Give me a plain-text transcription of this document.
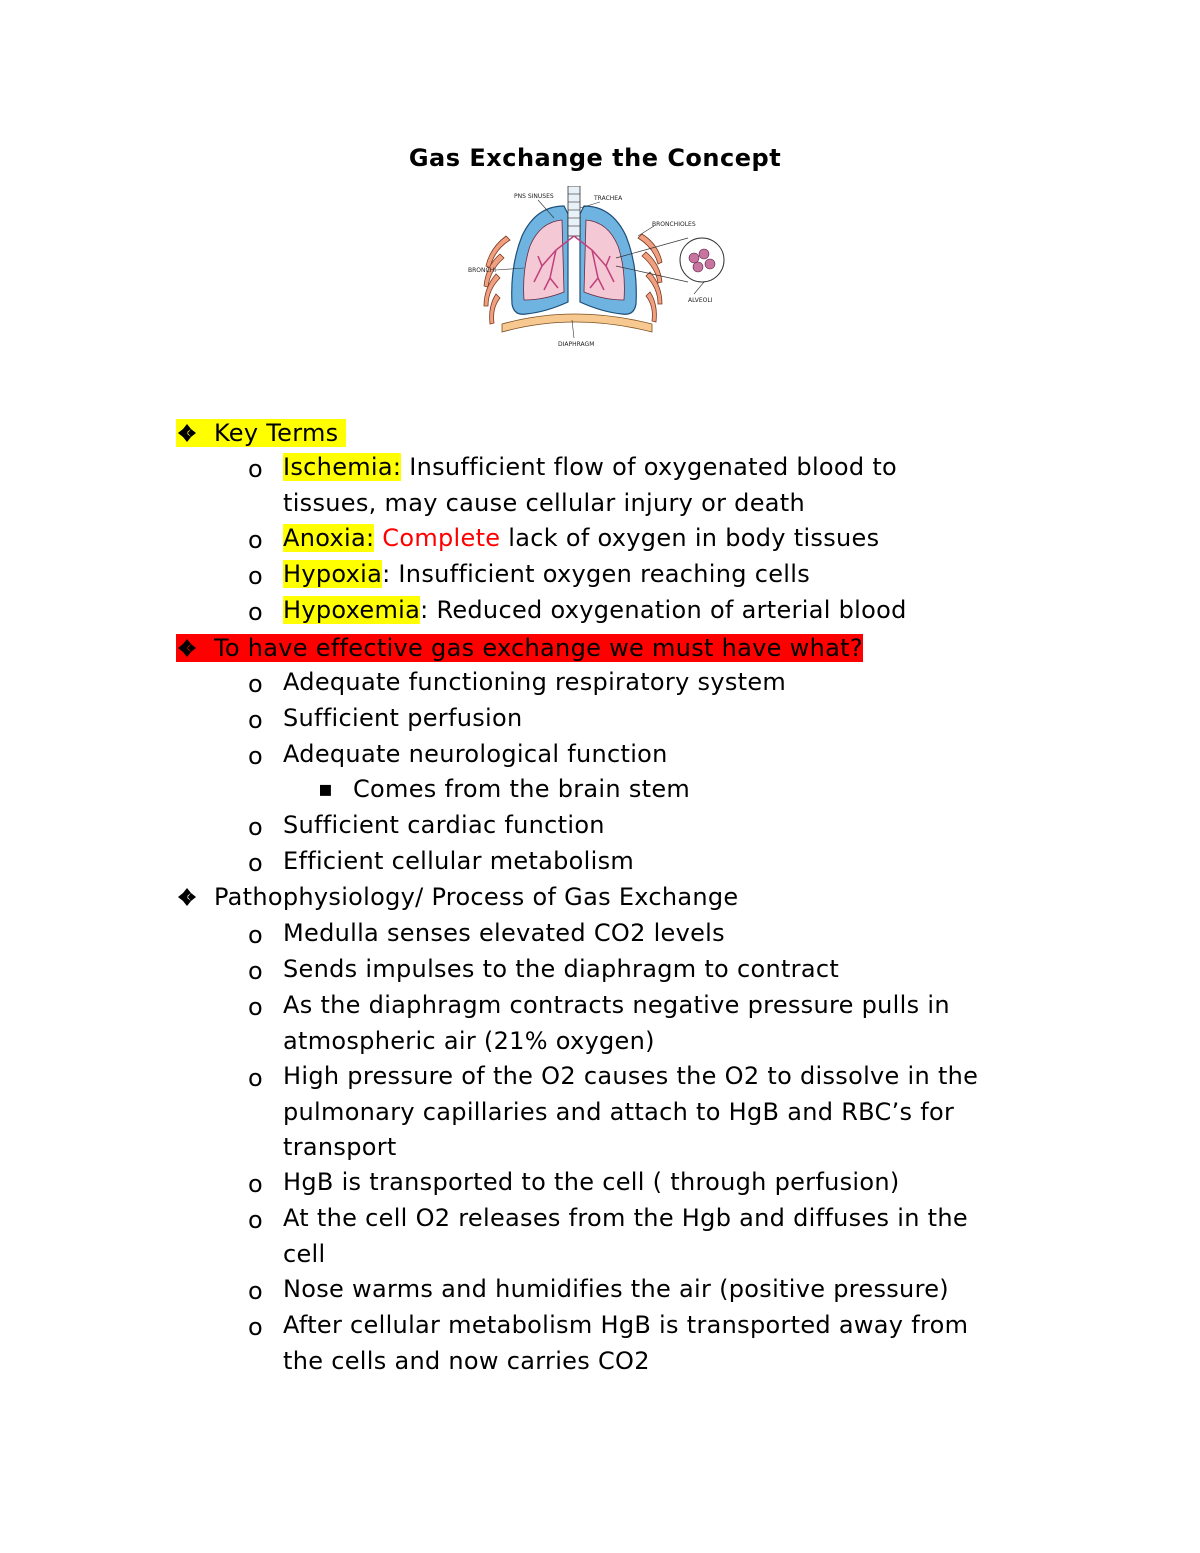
Gas Exchange the Concept
PNS SINUSES	TRACHEA
BRONCHIOLES
BRONCHI
ALVEOLI
DIAPHRAGM
Key Terms
o Ischemia: Insufficient flow of oxygenated blood to
tissues, may cause cellular injury or death
o Anoxia: Complete lack of oxygen in body tissues
o Hypoxia: Insufficient oxygen reaching cells
o Hypoxemia: Reduced oxygenation of arterial blood
To have effective gas exchange we must have what?
o Adequate functioning respiratory system
o Sufficient perfusion
o Adequate neurological function
▪ Comes from the brain stem
o Sufficient cardiac function
o Efficient cellular metabolism
Pathophysiology/ Process of Gas Exchange
o Medulla senses elevated CO2 levels
o Sends impulses to the diaphragm to contract
o As the diaphragm contracts negative pressure pulls in
atmospheric air (21% oxygen)
o High pressure of the O2 causes the O2 to dissolve in the
pulmonary capillaries and attach to HgB and RBC’s for
transport
o HgB is transported to the cell ( through perfusion)
o At the cell O2 releases from the Hgb and diffuses in the
cell
o Nose warms and humidifies the air (positive pressure)
o After cellular metabolism HgB is transported away from
the cells and now carries CO2
